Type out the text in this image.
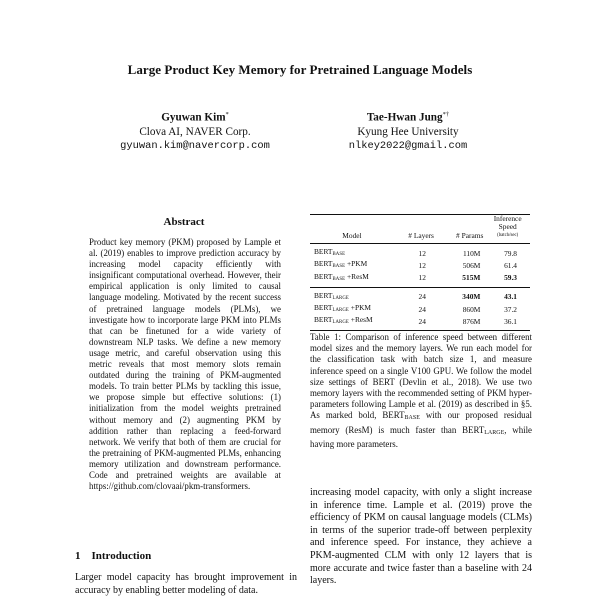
Large Product Key Memory for Pretrained Language Models
Gyuwan Kim*
Clova AI, NAVER Corp.
gyuwan.kim@navercorp.com
Tae-Hwan Jung*†
Kyung Hee University
nlkey2022@gmail.com
Abstract
Product key memory (PKM) proposed by Lample et al. (2019) enables to improve prediction accuracy by increasing model capacity efficiently with insignificant computational overhead. However, their empirical application is only limited to causal language modeling. Motivated by the recent success of pretrained language models (PLMs), we investigate how to incorporate large PKM into PLMs that can be finetuned for a wide variety of downstream NLP tasks. We define a new memory usage metric, and careful observation using this metric reveals that most memory slots remain outdated during the training of PKM-augmented models. To train better PLMs by tackling this issue, we propose simple but effective solutions: (1) initialization from the model weights pretrained without memory and (2) augmenting PKM by addition rather than replacing a feed-forward network. We verify that both of them are crucial for the pretraining of PKM-augmented PLMs, enhancing memory utilization and downstream performance. Code and pretrained weights are available at https://github.com/clovaai/pkm-transformers.
1 Introduction
Larger model capacity has brought improvement in accuracy by enabling better modeling of data.
Model	# Layers	# Params	Inference
Speed
(batch/sec)

$BERT_{BASE}$	12	110M	79.8
$BERT_{BASE} +PKM$	12	506M	61.4
$BERT_{BASE}$ +ResM	12	515M	59.3
$BERT_{LARGE}$	24	340M	43.1
$BERT_{LARGE} +PKM$	24	860M	37.2
$BERT_{LARGE}$ +ResM	24	876M	36.1
Table 1: Comparison of inference speed between different model sizes and the memory layers. We run each model for the classification task with batch size 1, and measure inference speed on a single V100 GPU. We follow the model size settings of BERT (Devlin et al., 2018). We use two memory layers with the recommended setting of PKM hyper-parameters following Lample et al. (2019) as described in §5. As marked bold, BERTBASE with our proposed residual memory (ResM) is much faster than BERTLARGE, while having more parameters.
increasing model capacity, with only a slight increase in inference time. Lample et al. (2019) prove the efficiency of PKM on causal language models (CLMs) in terms of the superior trade-off between perplexity and inference speed. For instance, they achieve a PKM-augmented CLM with only 12 layers that is more accurate and twice faster than a baseline with 24 layers.
